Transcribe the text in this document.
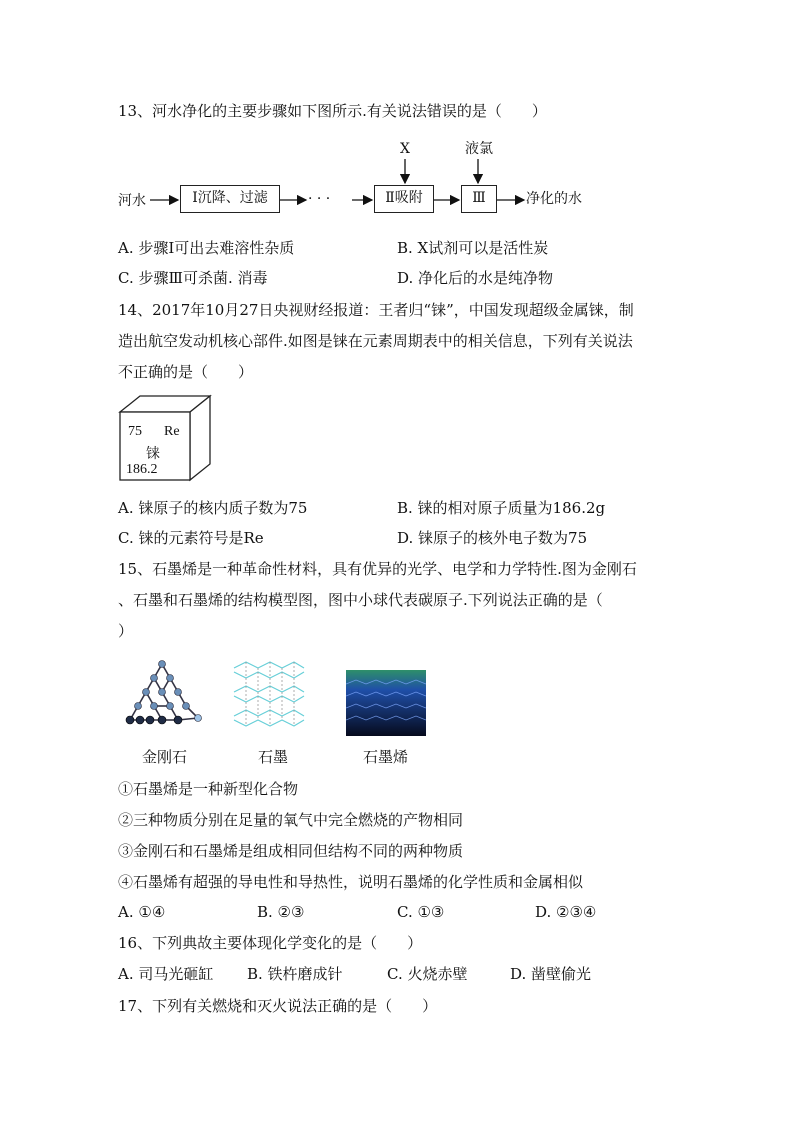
13、河水净化的主要步骤如下图所示.有关说法错误的是（　　）
河水	Ⅰ沉降、过滤	· · ·	Ⅱ吸附	Ⅲ	净化的水
X	液氯
A. 步骤Ⅰ可出去难溶性杂质	B. X试剂可以是活性炭
C. 步骤Ⅲ可杀菌. 消毒	D. 净化后的水是纯净物
14、2017年10月27日央视财经报道：王者归“铼”，中国发现超级金属铼，制
造出航空发动机核心部件.如图是铼在元素周期表中的相关信息，下列有关说法
不正确的是（　　）
75 Re
铼
186.2
A. 铼原子的核内质子数为75	B. 铼的相对原子质量为186.2g
C. 铼的元素符号是Re	D. 铼原子的核外电子数为75
15、石墨烯是一种革命性材料，具有优异的光学、电学和力学特性.图为金刚石
、石墨和石墨烯的结构模型图，图中小球代表碳原子.下列说法正确的是（
）
金刚石	石墨	石墨烯
①石墨烯是一种新型化合物
②三种物质分别在足量的氧气中完全燃烧的产物相同
③金刚石和石墨烯是组成相同但结构不同的两种物质
④石墨烯有超强的导电性和导热性，说明石墨烯的化学性质和金属相似
A. ①④	B. ②③	C. ①③	D. ②③④
16、下列典故主要体现化学变化的是（　　）
A. 司马光砸缸 B. 铁杵磨成针	C. 火烧赤壁	D. 凿壁偷光
17、下列有关燃烧和灭火说法正确的是（　　）
